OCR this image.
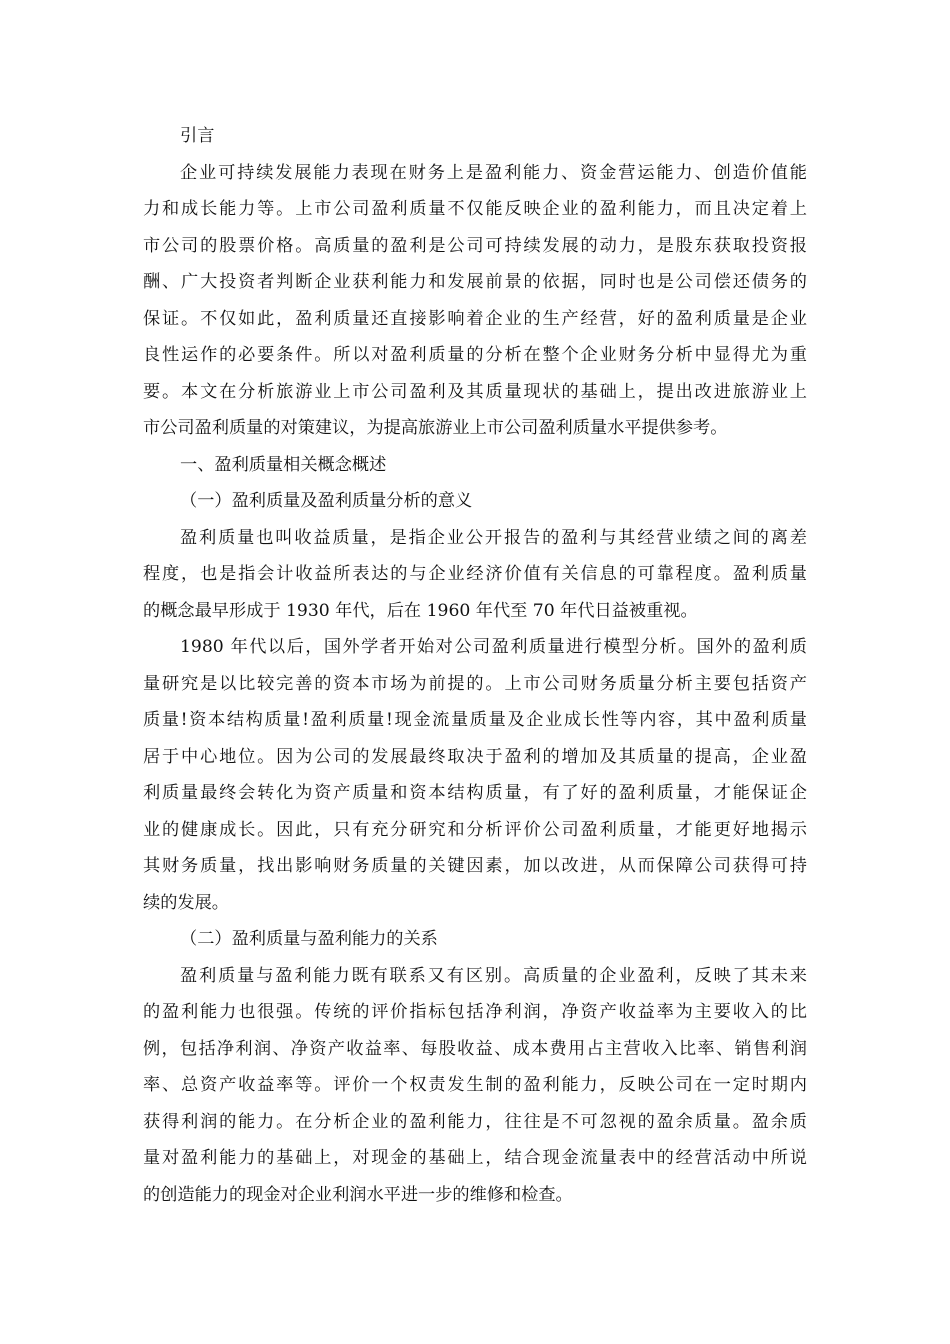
引言
企业可持续发展能力表现在财务上是盈利能力、资金营运能力、创造价值能
力和成长能力等。上市公司盈利质量不仅能反映企业的盈利能力，而且决定着上
市公司的股票价格。高质量的盈利是公司可持续发展的动力，是股东获取投资报
酬、广大投资者判断企业获利能力和发展前景的依据，同时也是公司偿还债务的
保证。不仅如此，盈利质量还直接影响着企业的生产经营，好的盈利质量是企业
良性运作的必要条件。所以对盈利质量的分析在整个企业财务分析中显得尤为重
要。本文在分析旅游业上市公司盈利及其质量现状的基础上，提出改进旅游业上
市公司盈利质量的对策建议，为提高旅游业上市公司盈利质量水平提供参考。
一、盈利质量相关概念概述
（一）盈利质量及盈利质量分析的意义
盈利质量也叫收益质量，是指企业公开报告的盈利与其经营业绩之间的离差
程度，也是指会计收益所表达的与企业经济价值有关信息的可靠程度。盈利质量
的概念最早形成于 1930 年代，后在 1960 年代至 70 年代日益被重视。
1980 年代以后，国外学者开始对公司盈利质量进行模型分析。国外的盈利质
量研究是以比较完善的资本市场为前提的。上市公司财务质量分析主要包括资产
质量!资本结构质量!盈利质量!现金流量质量及企业成长性等内容，其中盈利质量
居于中心地位。因为公司的发展最终取决于盈利的增加及其质量的提高，企业盈
利质量最终会转化为资产质量和资本结构质量，有了好的盈利质量，才能保证企
业的健康成长。因此，只有充分研究和分析评价公司盈利质量，才能更好地揭示
其财务质量，找出影响财务质量的关键因素，加以改进，从而保障公司获得可持
续的发展。
（二）盈利质量与盈利能力的关系
盈利质量与盈利能力既有联系又有区别。高质量的企业盈利，反映了其未来
的盈利能力也很强。传统的评价指标包括净利润，净资产收益率为主要收入的比
例，包括净利润、净资产收益率、每股收益、成本费用占主营收入比率、销售利润
率、总资产收益率等。评价一个权责发生制的盈利能力，反映公司在一定时期内
获得利润的能力。在分析企业的盈利能力，往往是不可忽视的盈余质量。盈余质
量对盈利能力的基础上，对现金的基础上，结合现金流量表中的经营活动中所说
的创造能力的现金对企业利润水平进一步的维修和检查。
